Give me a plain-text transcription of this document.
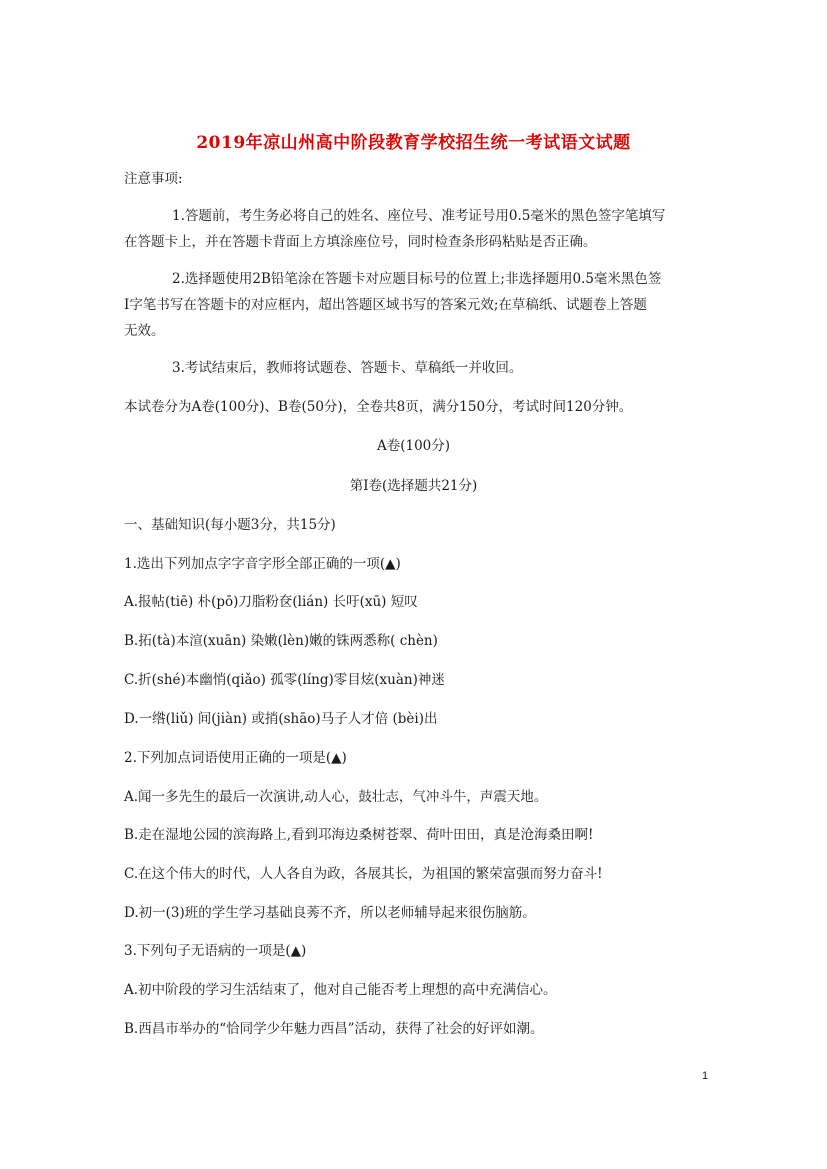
2019年凉山州高中阶段教育学校招生统一考试语文试题
注意事项:
1.答题前，考生务必将自己的姓名、座位号、准考证号用0.5毫米的黑色签字笔填写
在答题卡上，并在答题卡背面上方填涂座位号，同时检查条形码粘贴是否正确。
2.选择题使用2B铅笔涂在答题卡对应题目标号的位置上;非选择题用0.5毫米黑色签
I字笔书写在答题卡的对应框内，超出答题区域书写的答案元效;在草稿纸、试题卷上答题
无效。
3.考试结束后，教师将试题卷、答题卡、草稿纸一并收回。
本试卷分为A卷(100分)、B卷(50分)，全卷共8页，满分150分，考试时间120分钟。
A卷(100分)
第I卷(选择题共21分)
一、基础知识(每小题3分，共15分)
1.选出下列加点字字音字形全部正确的一项(▲)
A.报帖(tiē) 朴(pō)刀脂粉奁(lián) 长吁(xū) 短叹
B.拓(tà)本渲(xuān) 染嫩(lèn)嫩的铢两悉称( chèn)
C.折(shé)本幽悄(qiǎo) 孤零(líng)零目炫(xuàn)神迷
D.一绺(liǔ) 间(jiàn) 或捎(shāo)马子人才倍 (bèi)出
2.下列加点词语使用正确的一项是(▲)
A.闻一多先生的最后一次演讲,动人心，鼓壮志，气冲斗牛，声震天地。
B.走在湿地公园的滨海路上,看到邛海边桑树苍翠、荷叶田田，真是沧海桑田啊!
C.在这个伟大的时代，人人各自为政，各展其长，为祖国的繁荣富强而努力奋斗!
D.初一(3)班的学生学习基础良莠不齐，所以老师辅导起来很伤脑筋。
3.下列句子无语病的一项是(▲)
A.初中阶段的学习生活结束了，他对自己能否考上理想的高中充满信心。
B.西昌市举办的“恰同学少年魅力西昌”活动，获得了社会的好评如潮。
1
